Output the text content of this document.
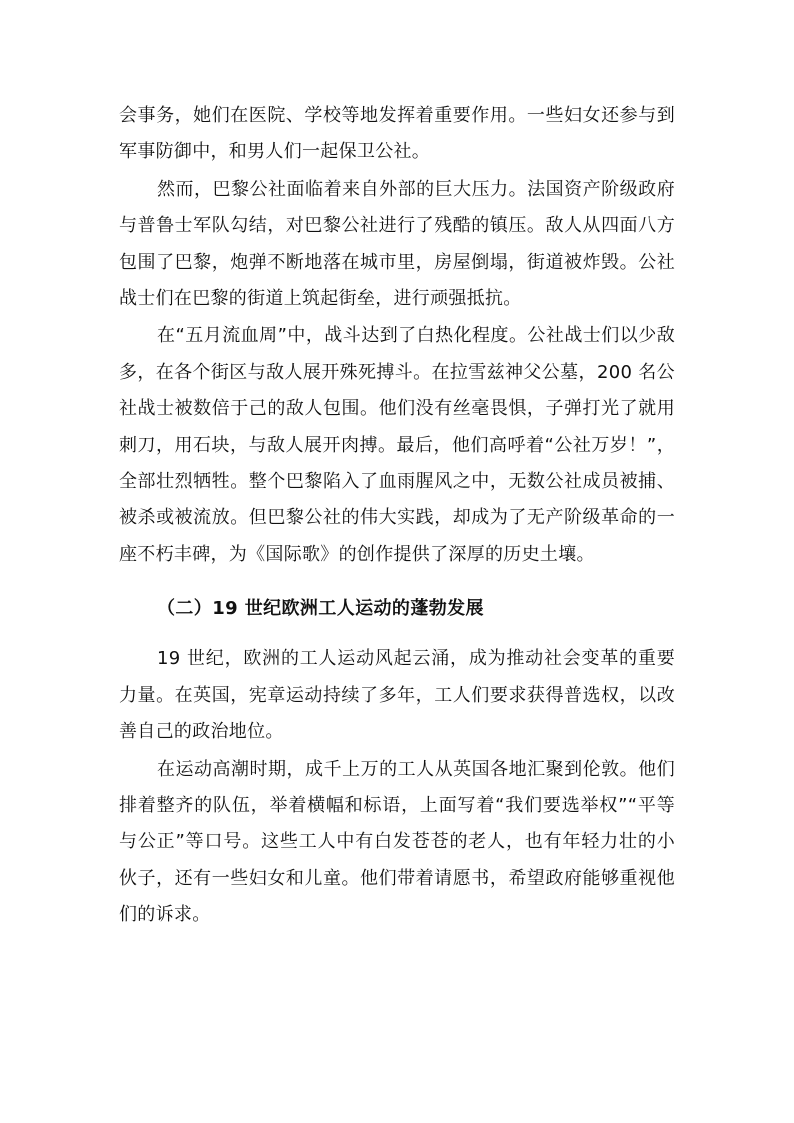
会事务，她们在医院、学校等地发挥着重要作用。一些妇女还参与到军事防御中，和男人们一起保卫公社。

然而，巴黎公社面临着来自外部的巨大压力。法国资产阶级政府与普鲁士军队勾结，对巴黎公社进行了残酷的镇压。敌人从四面八方包围了巴黎，炮弹不断地落在城市里，房屋倒塌，街道被炸毁。公社战士们在巴黎的街道上筑起街垒，进行顽强抵抗。

在“五月流血周”中，战斗达到了白热化程度。公社战士们以少敌多，在各个街区与敌人展开殊死搏斗。在拉雪兹神父公墓，200 名公社战士被数倍于己的敌人包围。他们没有丝毫畏惧，子弹打光了就用刺刀，用石块，与敌人展开肉搏。最后，他们高呼着“公社万岁！”，全部壮烈牺牲。整个巴黎陷入了血雨腥风之中，无数公社成员被捕、被杀或被流放。但巴黎公社的伟大实践，却成为了无产阶级革命的一座不朽丰碑，为《国际歌》的创作提供了深厚的历史土壤。

（二）19 世纪欧洲工人运动的蓬勃发展

19 世纪，欧洲的工人运动风起云涌，成为推动社会变革的重要力量。在英国，宪章运动持续了多年，工人们要求获得普选权，以改善自己的政治地位。

在运动高潮时期，成千上万的工人从英国各地汇聚到伦敦。他们排着整齐的队伍，举着横幅和标语，上面写着“我们要选举权”“平等与公正”等口号。这些工人中有白发苍苍的老人，也有年轻力壮的小伙子，还有一些妇女和儿童。他们带着请愿书，希望政府能够重视他们的诉求。
